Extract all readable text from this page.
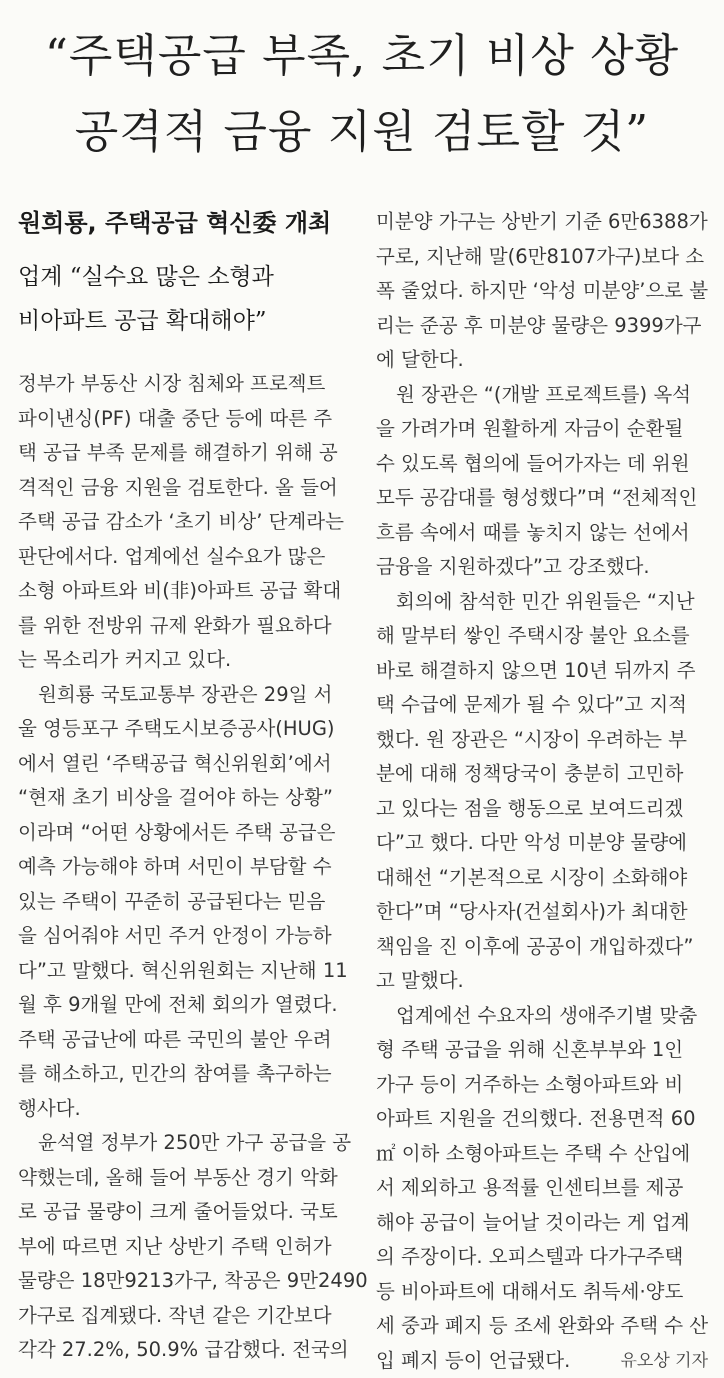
“주택공급 부족, 초기 비상 상황
공격적 금융 지원 검토할 것”
원희룡, 주택공급 혁신委 개최
업계 “실수요 많은 소형과
비아파트 공급 확대해야”
정부가 부동산 시장 침체와 프로젝트
파이낸싱(PF) 대출 중단 등에 따른 주
택 공급 부족 문제를 해결하기 위해 공
격적인 금융 지원을 검토한다. 올 들어
주택 공급 감소가 ‘초기 비상’ 단계라는
판단에서다. 업계에선 실수요가 많은
소형 아파트와 비(非)아파트 공급 확대
를 위한 전방위 규제 완화가 필요하다
는 목소리가 커지고 있다.
원희룡 국토교통부 장관은 29일 서
울 영등포구 주택도시보증공사(HUG)
에서 열린 ‘주택공급 혁신위원회’에서
“현재 초기 비상을 걸어야 하는 상황”
이라며 “어떤 상황에서든 주택 공급은
예측 가능해야 하며 서민이 부담할 수
있는 주택이 꾸준히 공급된다는 믿음
을 심어줘야 서민 주거 안정이 가능하
다”고 말했다. 혁신위원회는 지난해 11
월 후 9개월 만에 전체 회의가 열렸다.
주택 공급난에 따른 국민의 불안 우려
를 해소하고, 민간의 참여를 촉구하는
행사다.
윤석열 정부가 250만 가구 공급을 공
약했는데, 올해 들어 부동산 경기 악화
로 공급 물량이 크게 줄어들었다. 국토
부에 따르면 지난 상반기 주택 인허가
물량은 18만9213가구, 착공은 9만2490
가구로 집계됐다. 작년 같은 기간보다
각각 27.2%, 50.9% 급감했다. 전국의
미분양 가구는 상반기 기준 6만6388가
구로, 지난해 말(6만8107가구)보다 소
폭 줄었다. 하지만 ‘악성 미분양’으로 불
리는 준공 후 미분양 물량은 9399가구
에 달한다.
원 장관은 “(개발 프로젝트를) 옥석
을 가려가며 원활하게 자금이 순환될
수 있도록 협의에 들어가자는 데 위원
모두 공감대를 형성했다”며 “전체적인
흐름 속에서 때를 놓치지 않는 선에서
금융을 지원하겠다”고 강조했다.
회의에 참석한 민간 위원들은 “지난
해 말부터 쌓인 주택시장 불안 요소를
바로 해결하지 않으면 10년 뒤까지 주
택 수급에 문제가 될 수 있다”고 지적
했다. 원 장관은 “시장이 우려하는 부
분에 대해 정책당국이 충분히 고민하
고 있다는 점을 행동으로 보여드리겠
다”고 했다. 다만 악성 미분양 물량에
대해선 “기본적으로 시장이 소화해야
한다”며 “당사자(건설회사)가 최대한
책임을 진 이후에 공공이 개입하겠다”
고 말했다.
업계에선 수요자의 생애주기별 맞춤
형 주택 공급을 위해 신혼부부와 1인
가구 등이 거주하는 소형아파트와 비
아파트 지원을 건의했다. 전용면적 60
㎡ 이하 소형아파트는 주택 수 산입에
서 제외하고 용적률 인센티브를 제공
해야 공급이 늘어날 것이라는 게 업계
의 주장이다. 오피스텔과 다가구주택
등 비아파트에 대해서도 취득세·양도
세 중과 폐지 등 조세 완화와 주택 수 산
입 폐지 등이 언급됐다.	유오상 기자
